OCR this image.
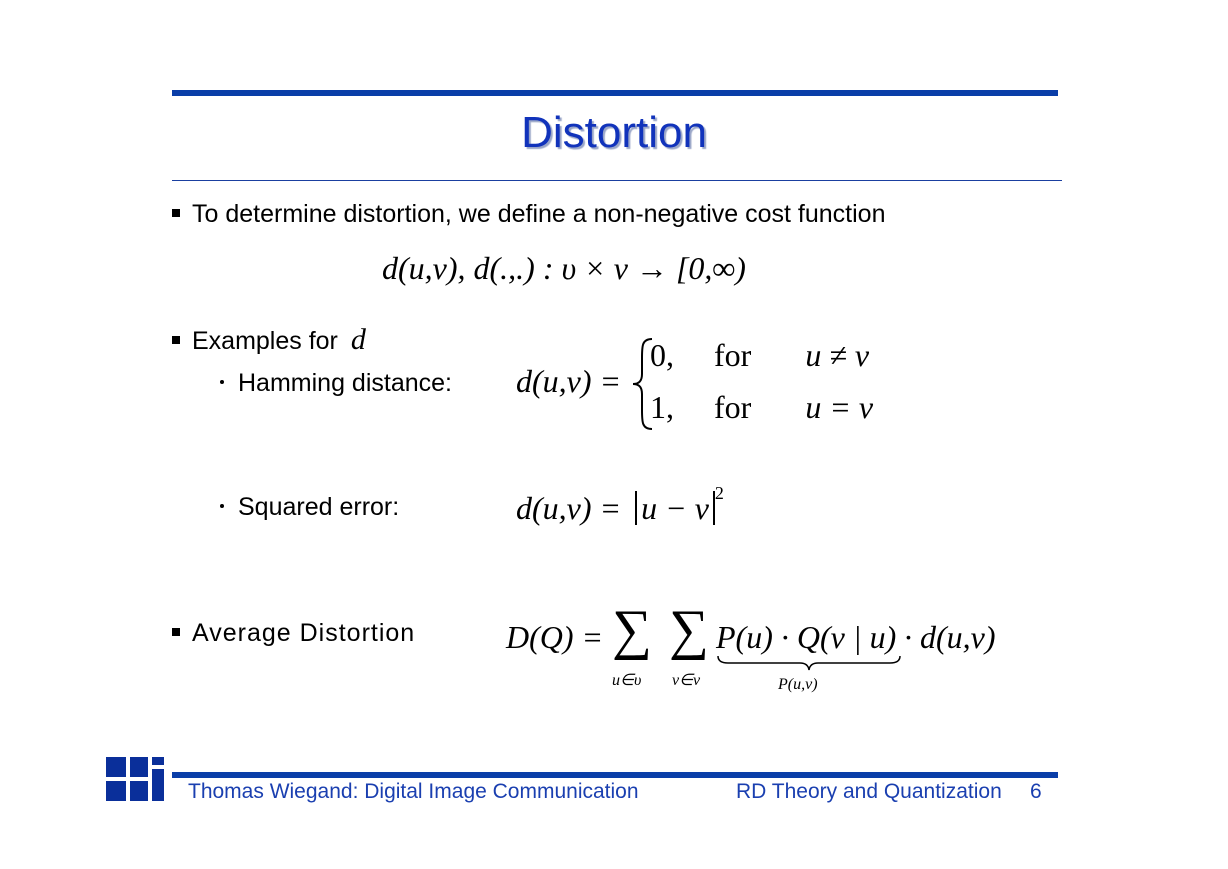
Distortion
To determine distortion, we define a non-negative cost function
d(u,v), d(.,.) : υ × ν → [0,∞)
Examples for d
Hamming distance: d(u,v) =
0, for u ≠ v
1, for u = v
Squared error:	d(u,v) = u − v $^2$
Average Distortion	D(Q) = ∑
u∈υ
∑
v∈ν
P(u) · Q(v | u)
P(u,v)
· d(u,v)
Thomas Wiegand: Digital Image Communication	RD Theory and Quantization 6
